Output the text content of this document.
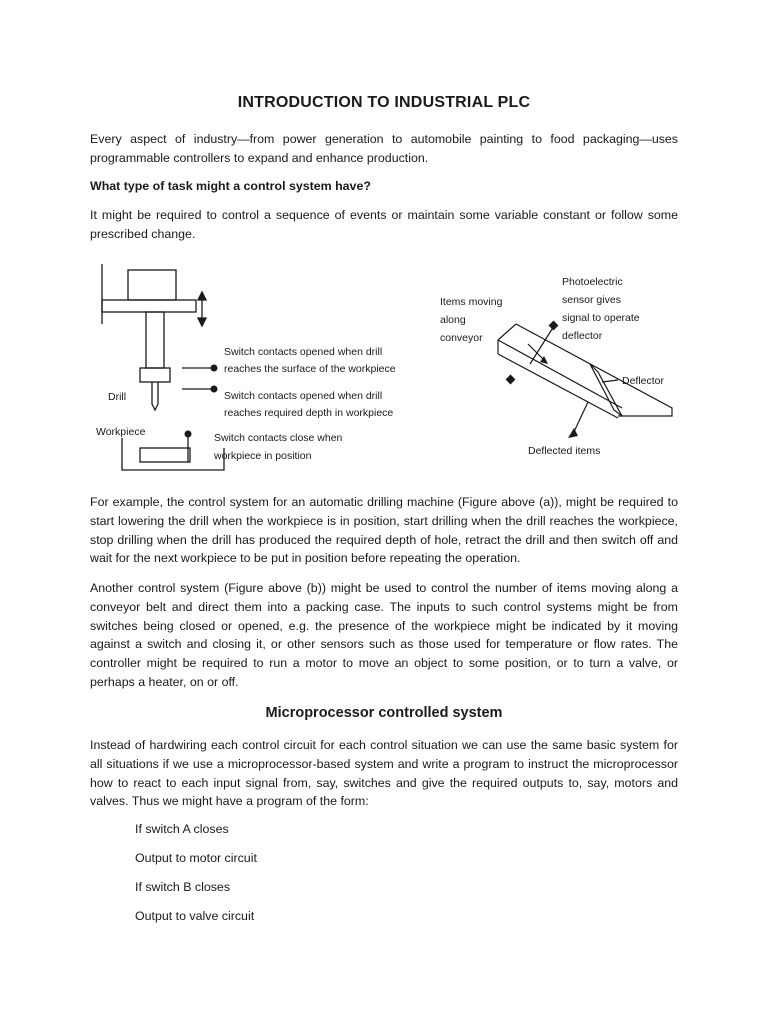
INTRODUCTION TO INDUSTRIAL PLC

Every aspect of industry—from power generation to automobile painting to food packaging—uses programmable controllers to expand and enhance production.

What type of task might a control system have?

It might be required to control a sequence of events or maintain some variable constant or follow some prescribed change.

Switch contacts opened when drill
reaches the surface of the workpiece
Switch contacts opened when drill
reaches required depth in workpiece
Drill
Workpiece	Switch contacts close when
workpiece in position
Items moving
along
conveyor
Photoelectric
sensor gives
signal to operate
deflector
Deflector
Deflected items

For example, the control system for an automatic drilling machine (Figure above (a)), might be required to start lowering the drill when the workpiece is in position, start drilling when the drill reaches the workpiece, stop drilling when the drill has produced the required depth of hole, retract the drill and then switch off and wait for the next workpiece to be put in position before repeating the operation.

Another control system (Figure above (b)) might be used to control the number of items moving along a conveyor belt and direct them into a packing case. The inputs to such control systems might be from switches being closed or opened, e.g. the presence of the workpiece might be indicated by it moving against a switch and closing it, or other sensors such as those used for temperature or flow rates. The controller might be required to run a motor to move an object to some position, or to turn a valve, or perhaps a heater, on or off.

Microprocessor controlled system

Instead of hardwiring each control circuit for each control situation we can use the same basic system for all situations if we use a microprocessor-based system and write a program to instruct the microprocessor how to react to each input signal from, say, switches and give the required outputs to, say, motors and valves. Thus we might have a program of the form:

If switch A closes

Output to motor circuit

If switch B closes

Output to valve circuit
